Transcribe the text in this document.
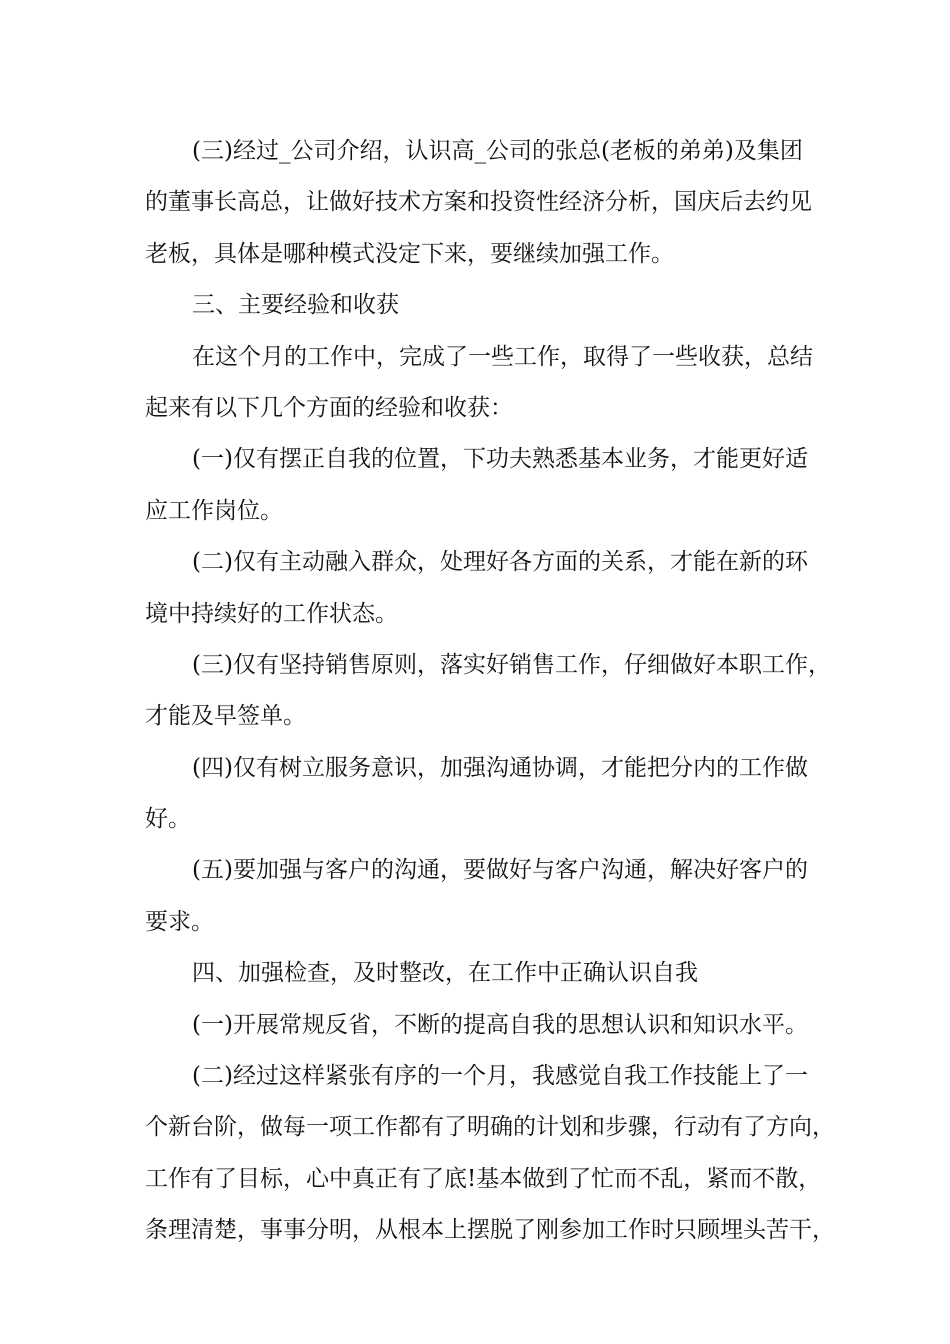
(三)经过_公司介绍，认识高_公司的张总(老板的弟弟)及集团
的董事长高总，让做好技术方案和投资性经济分析，国庆后去约见
老板，具体是哪种模式没定下来，要继续加强工作。
三、主要经验和收获
在这个月的工作中，完成了一些工作，取得了一些收获，总结
起来有以下几个方面的经验和收获：
(一)仅有摆正自我的位置，下功夫熟悉基本业务，才能更好适
应工作岗位。
(二)仅有主动融入群众，处理好各方面的关系，才能在新的环
境中持续好的工作状态。
(三)仅有坚持销售原则，落实好销售工作，仔细做好本职工作，
才能及早签单。
(四)仅有树立服务意识，加强沟通协调，才能把分内的工作做
好。
(五)要加强与客户的沟通，要做好与客户沟通，解决好客户的
要求。
四、加强检查，及时整改，在工作中正确认识自我
(一)开展常规反省，不断的提高自我的思想认识和知识水平。
(二)经过这样紧张有序的一个月，我感觉自我工作技能上了一
个新台阶，做每一项工作都有了明确的计划和步骤，行动有了方向，
工作有了目标，心中真正有了底!基本做到了忙而不乱，紧而不散，
条理清楚，事事分明，从根本上摆脱了刚参加工作时只顾埋头苦干，
